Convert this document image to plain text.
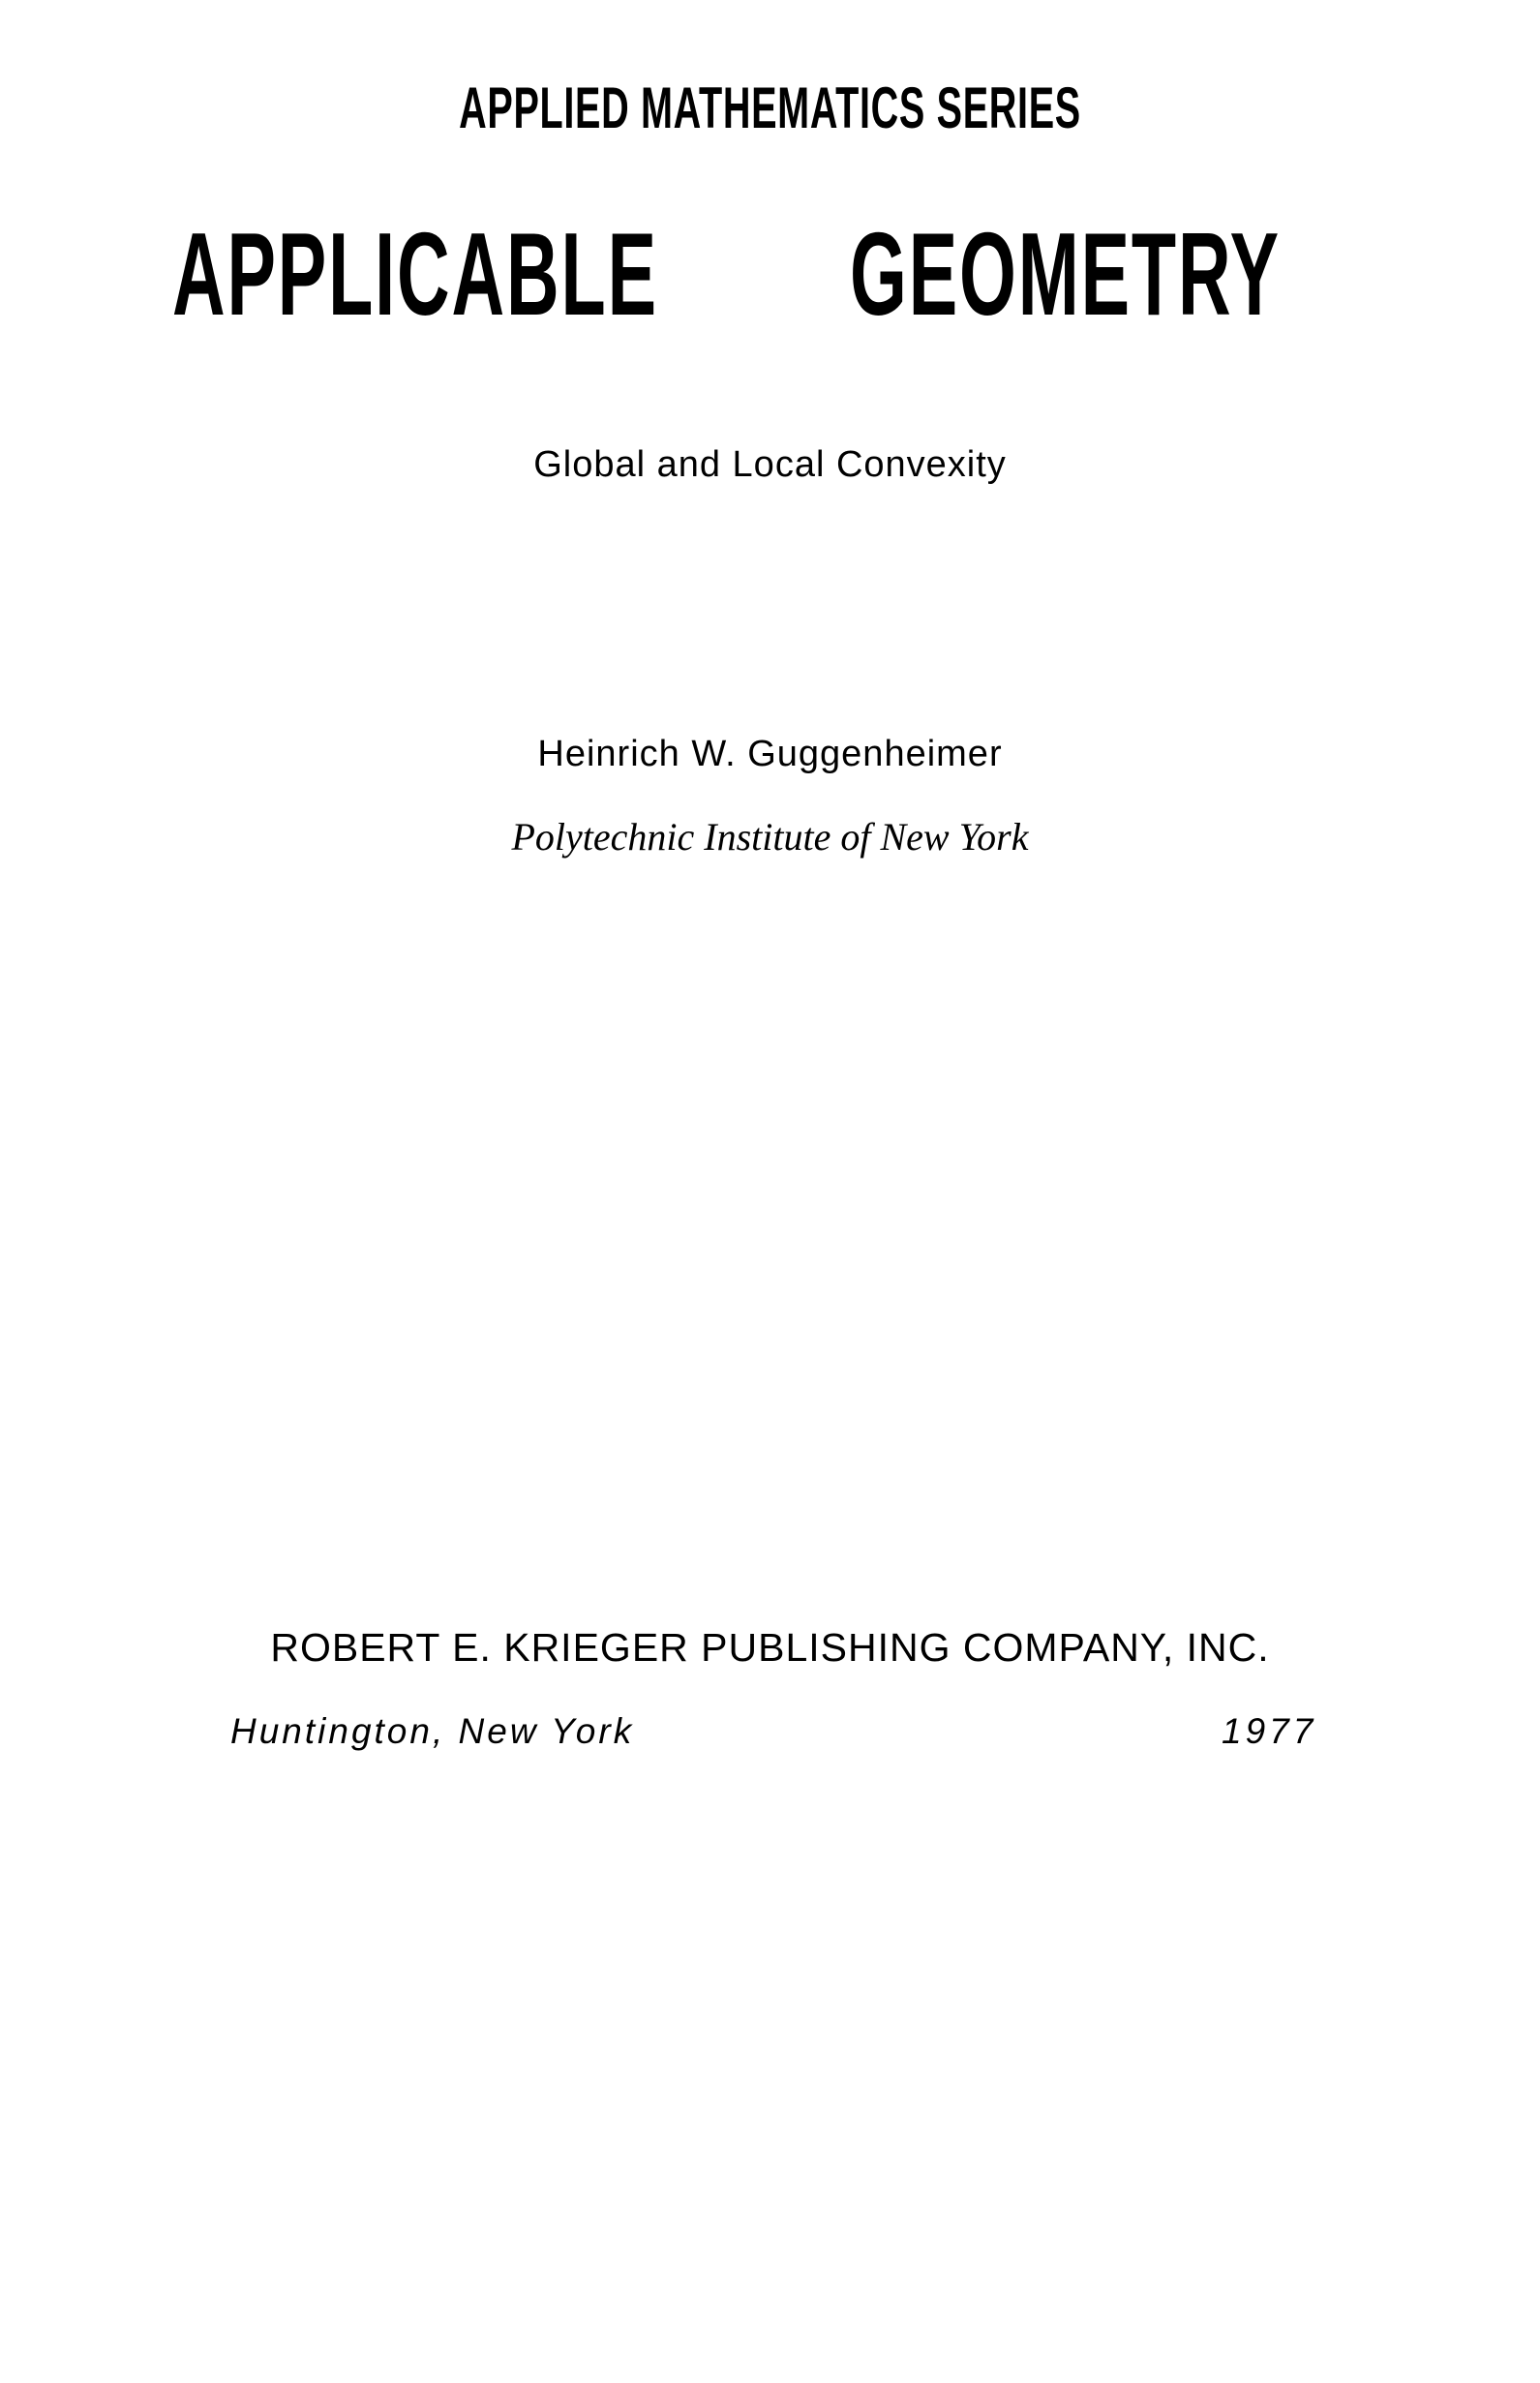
APPLIED MATHEMATICS SERIES
APPLICABLE GEOMETRY
Global and Local Convexity
Heinrich W. Guggenheimer
Polytechnic Institute of New York
ROBERT E. KRIEGER PUBLISHING COMPANY, INC.
Huntington, New York	1977
